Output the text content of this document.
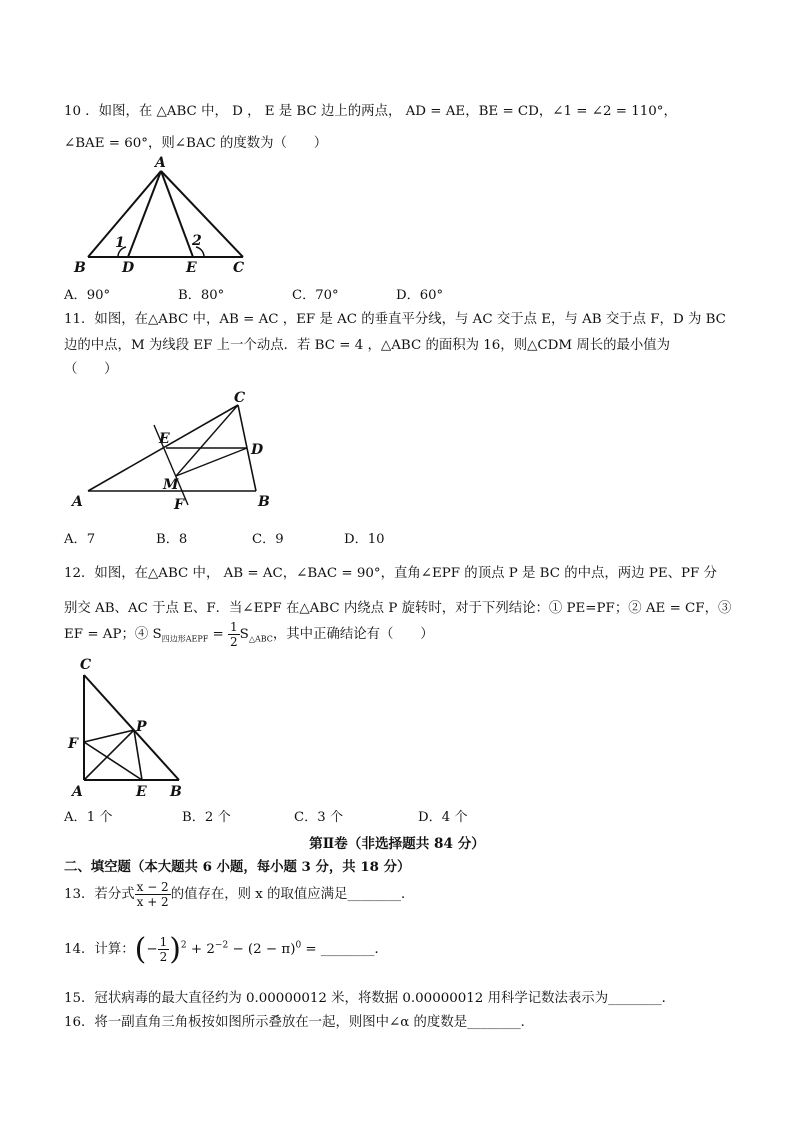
10 ．如图，在 △ABC 中， D ， E 是 BC 边上的两点， AD = AE，BE = CD，∠1 = ∠2 = 110°，
∠BAE = 60°，则∠BAC 的度数为（　　）
A
B	D	E	C
1	2
A．90°	B．80°	C．70°	D．60°
11．如图，在△ABC 中，AB = AC ，EF 是 AC 的垂直平分线，与 AC 交于点 E，与 AB 交于点 F，D 为 BC
边的中点，M 为线段 EF 上一个动点．若 BC = 4 ，△ABC 的面积为 16，则△CDM 周长的最小值为
（　　）
C
E
D
M
F
A	B
A．7	B．8	C．9	D．10
12．如图，在△ABC 中， AB = AC，∠BAC = 90°，直角∠EPF 的顶点 P 是 BC 的中点，两边 PE、PF 分
别交 AB、AC 于点 E、F．当∠EPF 在△ABC 内绕点 P 旋转时，对于下列结论：① PE=PF；② AE = CF，③
EF = AP；④ $S_{四边形AEPF} = \frac{1}{2} S_{\triangle ABC}$，其中正确结论有（　　）
C
P
F
A	E B
A．1 个	B．2 个	C．3 个	D．4 个
第Ⅱ卷（非选择题共 84 分）
二、填空题（本大题共 6 小题，每小题 3 分，共 18 分）
13．若分式 $\frac{x - 2}{x + 2}$ 的值存在，则 x 的取值应满足________．
14．计算：(− $\frac{1}{2} )^2 + 2^{-2} - (2 - \pi)^0$ = ________．
15．冠状病毒的最大直径约为 0.00000012 米，将数据 0.00000012 用科学记数法表示为________．
16．将一副直角三角板按如图所示叠放在一起，则图中∠α 的度数是________．
